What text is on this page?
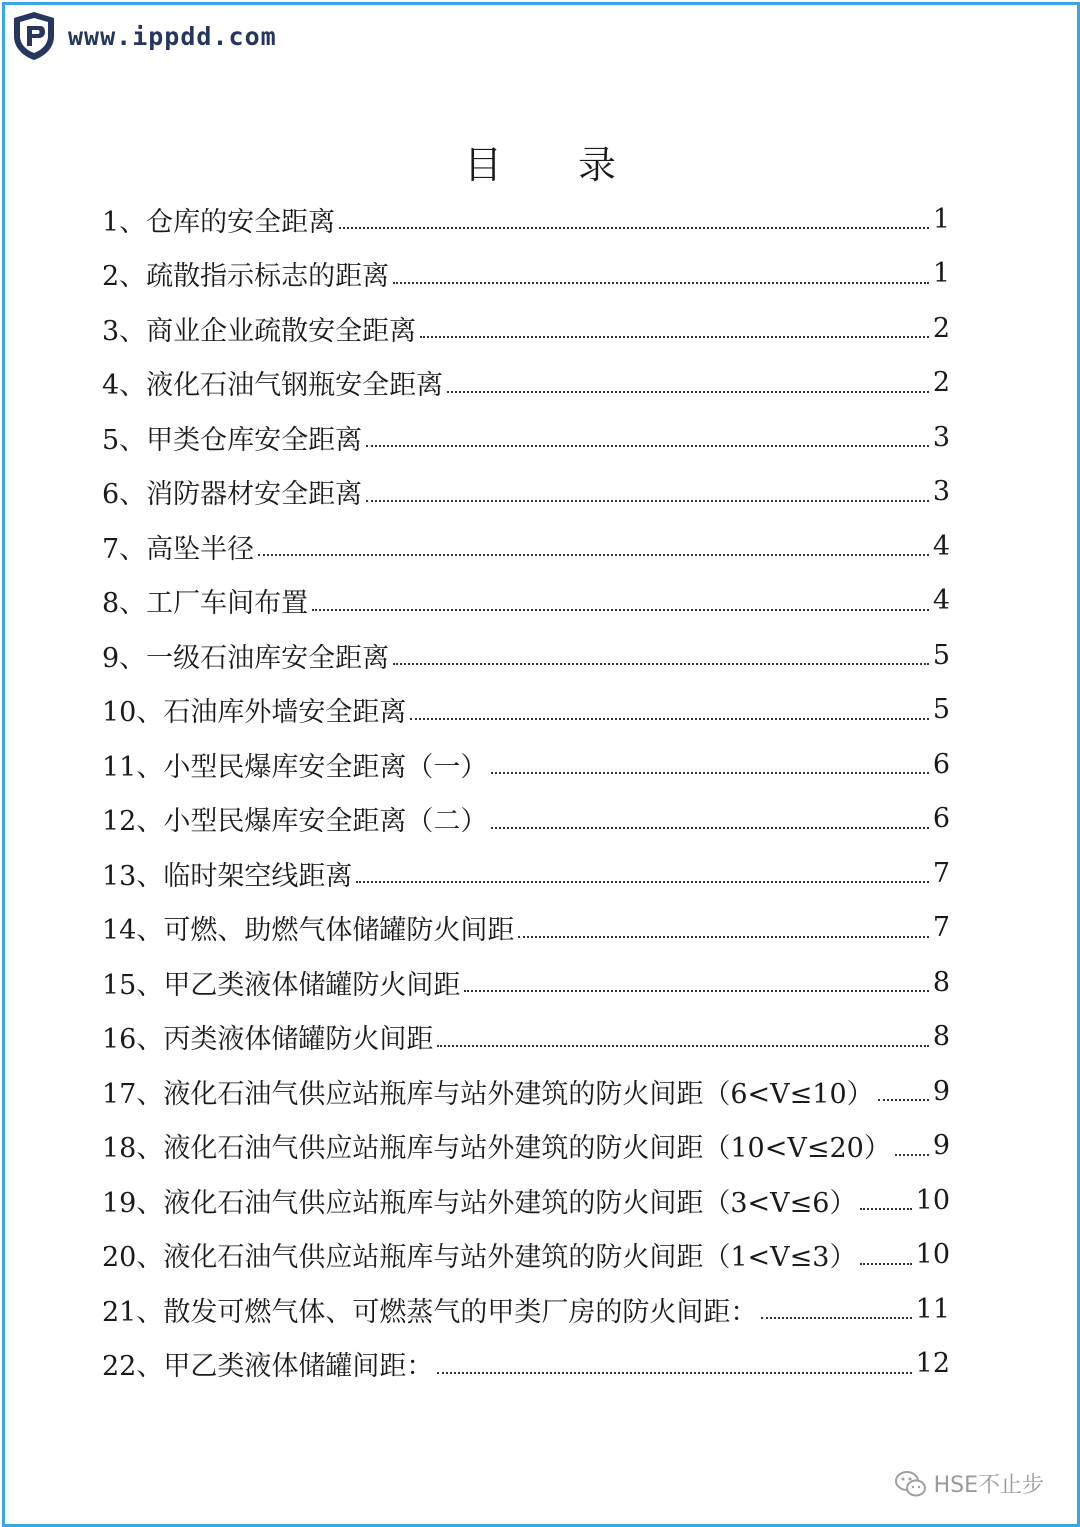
www.ippdd.com
目 录
1、仓库的安全距离	1
2、疏散指示标志的距离	1
3、商业企业疏散安全距离	2
4、液化石油气钢瓶安全距离	2
5、甲类仓库安全距离	3
6、消防器材安全距离	3
7、高坠半径	4
8、工厂车间布置	4
9、一级石油库安全距离	5
10、石油库外墙安全距离	5
11、小型民爆库安全距离（一）	6
12、小型民爆库安全距离（二）	6
13、临时架空线距离	7
14、可燃、助燃气体储罐防火间距	7
15、甲乙类液体储罐防火间距	8
16、丙类液体储罐防火间距	8
17、液化石油气供应站瓶库与站外建筑的防火间距（6<V≤10） 9
18、液化石油气供应站瓶库与站外建筑的防火间距（10<V≤20） 9
19、液化石油气供应站瓶库与站外建筑的防火间距（3<V≤6） 10
20、液化石油气供应站瓶库与站外建筑的防火间距（1<V≤3） 10
21、散发可燃气体、可燃蒸气的甲类厂房的防火间距：	11
22、甲乙类液体储罐间距：	12
HSE不止步
